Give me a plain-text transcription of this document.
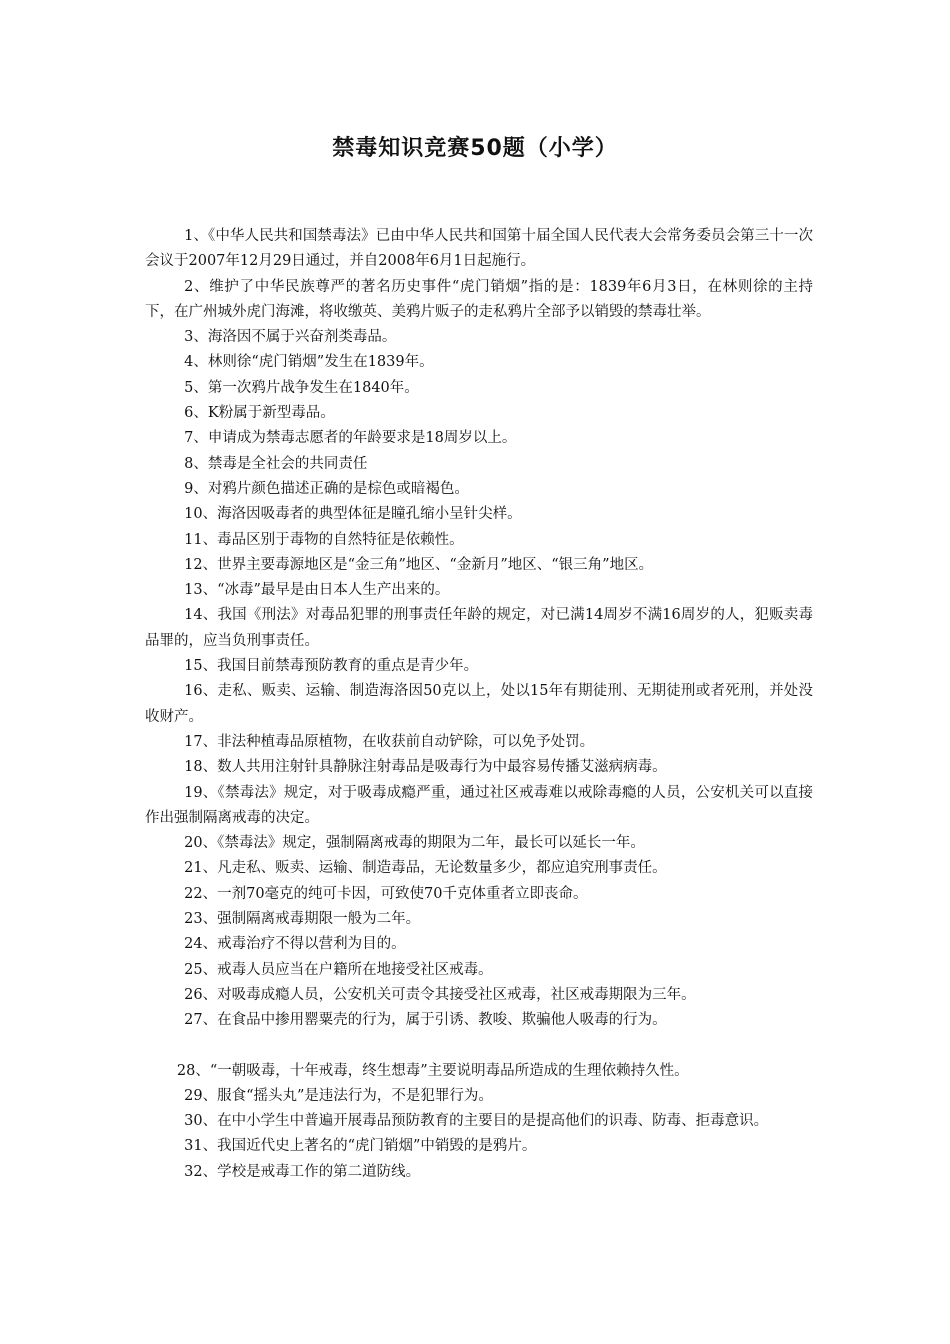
禁毒知识竞赛50题（小学）

1、《中华人民共和国禁毒法》已由中华人民共和国第十届全国人民代表大会常务委员会第三十一次会议于2007年12月29日通过，并自2008年6月1日起施行。

2、维护了中华民族尊严的著名历史事件“虎门销烟”指的是：1839年6月3日，在林则徐的主持下，在广州城外虎门海滩，将收缴英、美鸦片贩子的走私鸦片全部予以销毁的禁毒壮举。

3、海洛因不属于兴奋剂类毒品。

4、林则徐“虎门销烟”发生在1839年。

5、第一次鸦片战争发生在1840年。

6、K粉属于新型毒品。

7、申请成为禁毒志愿者的年龄要求是18周岁以上。

8、禁毒是全社会的共同责任

9、对鸦片颜色描述正确的是棕色或暗褐色。

10、海洛因吸毒者的典型体征是瞳孔缩小呈针尖样。

11、毒品区别于毒物的自然特征是依赖性。

12、世界主要毒源地区是“金三角”地区、“金新月”地区、“银三角”地区。

13、“冰毒”最早是由日本人生产出来的。

14、我国《刑法》对毒品犯罪的刑事责任年龄的规定，对已满14周岁不满16周岁的人，犯贩卖毒品罪的，应当负刑事责任。

15、我国目前禁毒预防教育的重点是青少年。

16、走私、贩卖、运输、制造海洛因50克以上，处以15年有期徒刑、无期徒刑或者死刑，并处没收财产。

17、非法种植毒品原植物，在收获前自动铲除，可以免予处罚。

18、数人共用注射针具静脉注射毒品是吸毒行为中最容易传播艾滋病病毒。

19、《禁毒法》规定，对于吸毒成瘾严重，通过社区戒毒难以戒除毒瘾的人员，公安机关可以直接作出强制隔离戒毒的决定。

20、《禁毒法》规定，强制隔离戒毒的期限为二年，最长可以延长一年。

21、凡走私、贩卖、运输、制造毒品，无论数量多少，都应追究刑事责任。

22、一剂70毫克的纯可卡因，可致使70千克体重者立即丧命。

23、强制隔离戒毒期限一般为二年。

24、戒毒治疗不得以营利为目的。

25、戒毒人员应当在户籍所在地接受社区戒毒。

26、对吸毒成瘾人员，公安机关可责令其接受社区戒毒，社区戒毒期限为三年。

27、在食品中掺用罂粟壳的行为，属于引诱、教唆、欺骗他人吸毒的行为。

28、“一朝吸毒，十年戒毒，终生想毒”主要说明毒品所造成的生理依赖持久性。

29、服食“摇头丸”是违法行为，不是犯罪行为。

30、在中小学生中普遍开展毒品预防教育的主要目的是提高他们的识毒、防毒、拒毒意识。

31、我国近代史上著名的“虎门销烟”中销毁的是鸦片。

32、学校是戒毒工作的第二道防线。
